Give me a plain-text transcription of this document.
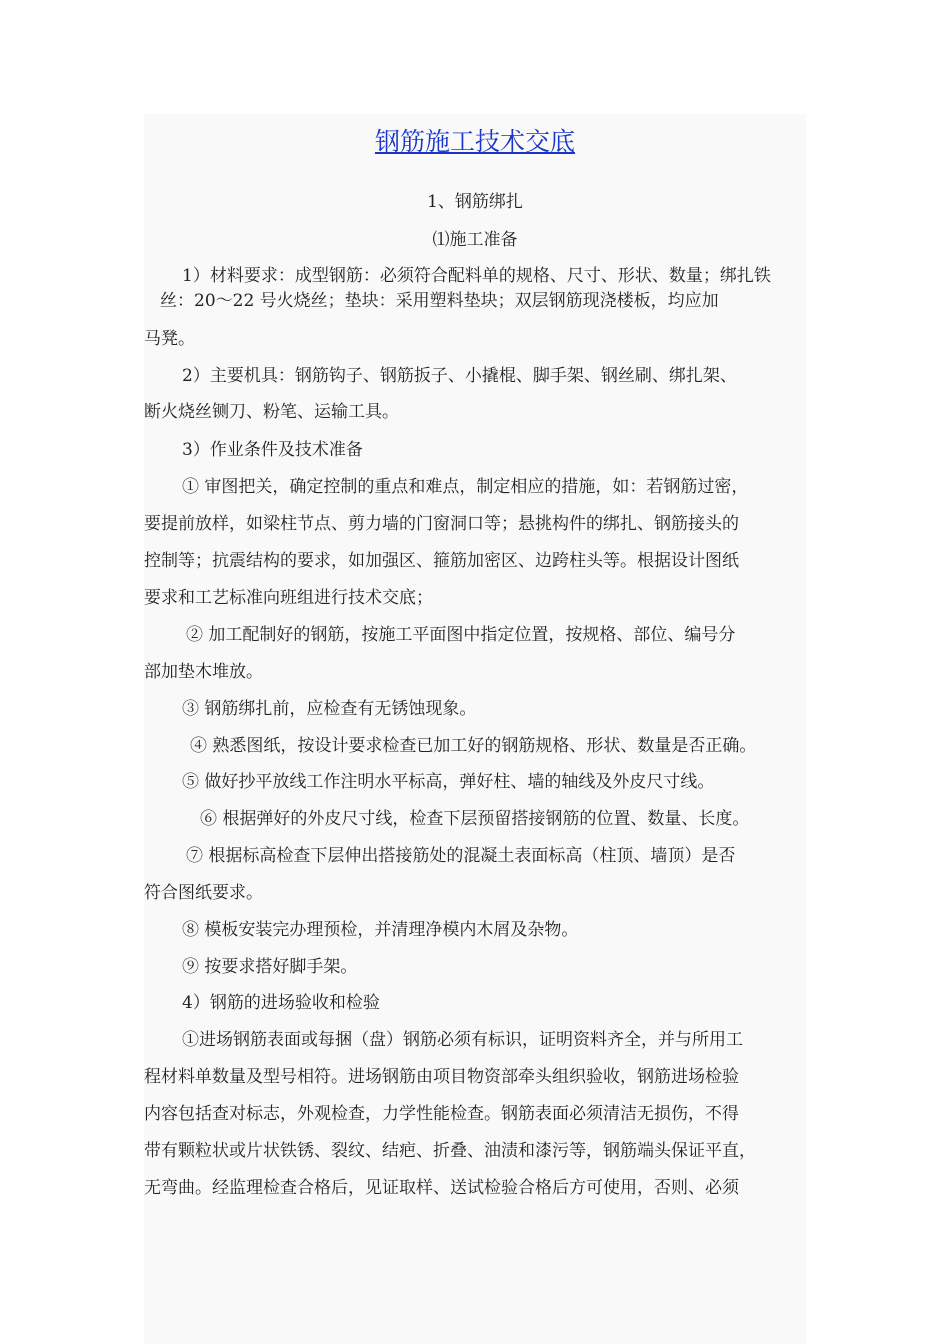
钢筋施工技术交底
1、钢筋绑扎
⑴施工准备
1）材料要求：成型钢筋：必须符合配料单的规格、尺寸、形状、数量；绑扎铁
丝：20～22 号火烧丝；垫块：采用塑料垫块；双层钢筋现浇楼板，均应加
马凳。
2）主要机具：钢筋钩子、钢筋扳子、小撬棍、脚手架、钢丝刷、绑扎架、
断火烧丝铡刀、粉笔、运输工具。
3）作业条件及技术准备
① 审图把关，确定控制的重点和难点，制定相应的措施，如：若钢筋过密，
要提前放样，如梁柱节点、剪力墙的门窗洞口等；悬挑构件的绑扎、钢筋接头的
控制等；抗震结构的要求，如加强区、箍筋加密区、边跨柱头等。根据设计图纸
要求和工艺标准向班组进行技术交底；
② 加工配制好的钢筋，按施工平面图中指定位置，按规格、部位、编号分
部加垫木堆放。
③ 钢筋绑扎前，应检查有无锈蚀现象。
④ 熟悉图纸，按设计要求检查已加工好的钢筋规格、形状、数量是否正确。
⑤ 做好抄平放线工作注明水平标高，弹好柱、墙的轴线及外皮尺寸线。
⑥ 根据弹好的外皮尺寸线，检查下层预留搭接钢筋的位置、数量、长度。
⑦ 根据标高检查下层伸出搭接筋处的混凝土表面标高（柱顶、墙顶）是否
符合图纸要求。
⑧ 模板安装完办理预检，并清理净模内木屑及杂物。
⑨ 按要求搭好脚手架。
4）钢筋的进场验收和检验
①进场钢筋表面或每捆（盘）钢筋必须有标识，证明资料齐全，并与所用工
程材料单数量及型号相符。进场钢筋由项目物资部牵头组织验收，钢筋进场检验
内容包括查对标志，外观检查，力学性能检查。钢筋表面必须清洁无损伤，不得
带有颗粒状或片状铁锈、裂纹、结疤、折叠、油渍和漆污等，钢筋端头保证平直，
无弯曲。经监理检查合格后，见证取样、送试检验合格后方可使用，否则、必须
